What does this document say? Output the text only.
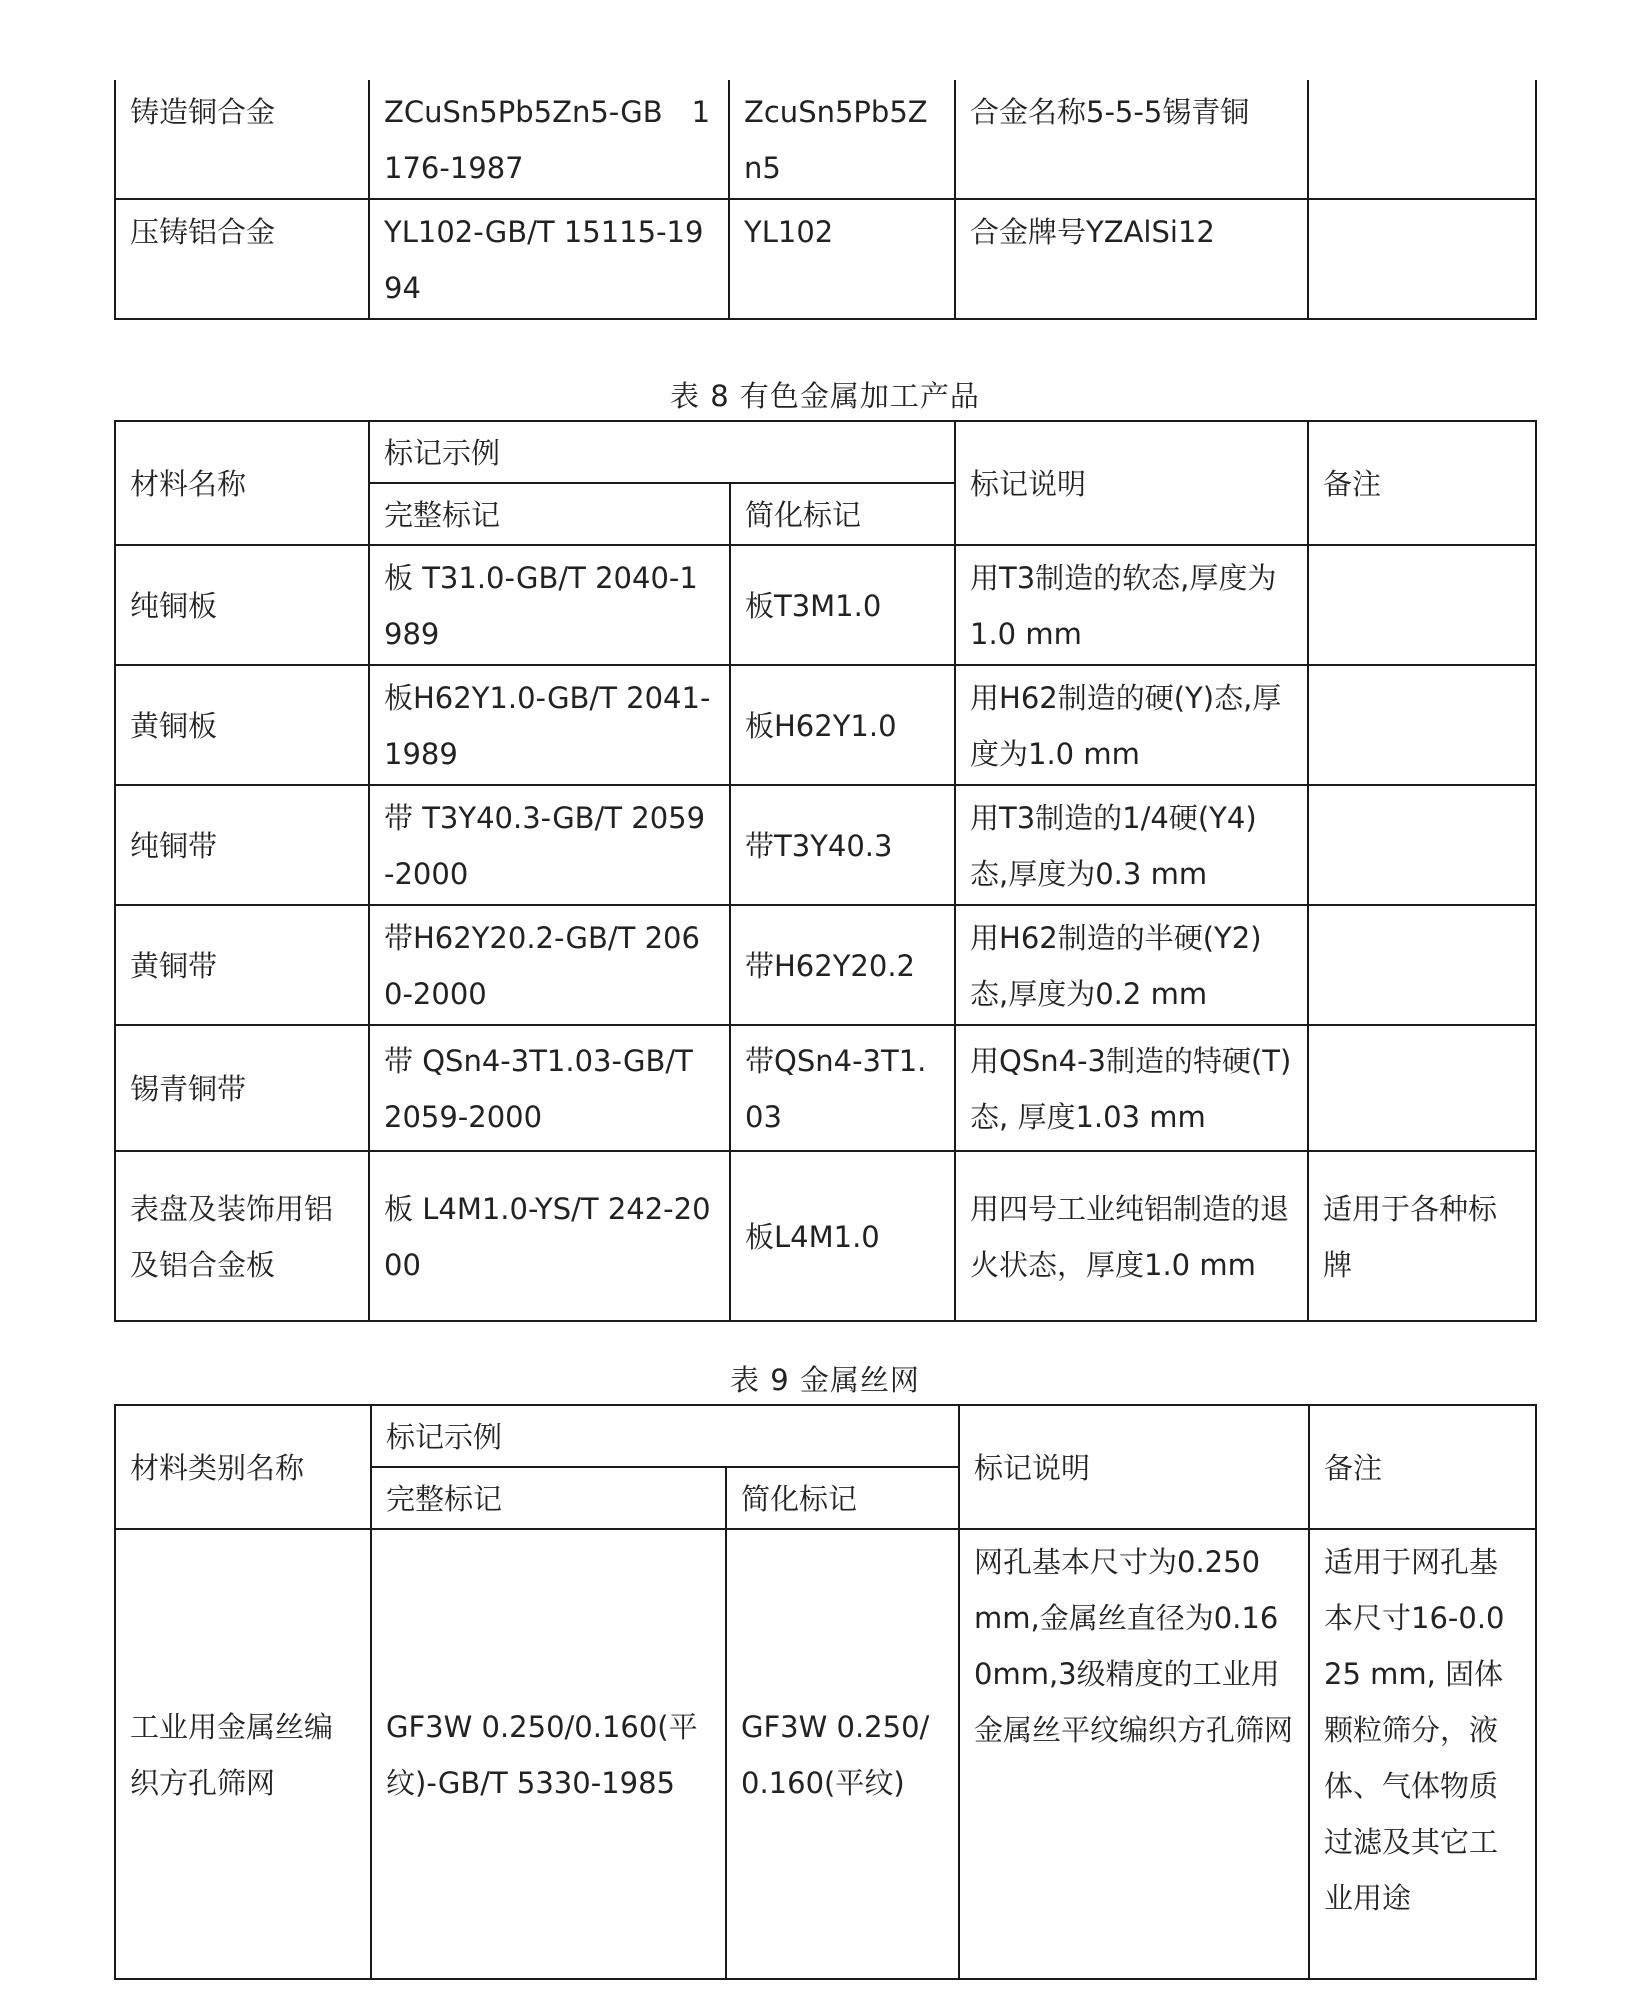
铸造铜合金	ZCuSn5Pb5Zn5-GB　1176-1987	ZcuSn5Pb5Zn5	合金名称5-5-5锡青铜	
压铸铝合金	YL102-GB/T 15115-1994	YL102	合金牌号YZAlSi12	
表 8 有色金属加工产品
材料名称	标记示例		标记说明	备注
	完整标记	简化标记		
纯铜板	板 T31.0-GB/T 2040-1989	板T3M1.0	用T3制造的软态,厚度为1.0 mm	
黄铜板	板H62Y1.0-GB/T 2041-1989	板H62Y1.0	用H62制造的硬(Y)态,厚度为1.0 mm	
纯铜带	带 T3Y40.3-GB/T 2059-2000	带T3Y40.3	用T3制造的1/4硬(Y4)态,厚度为0.3 mm	
黄铜带	带H62Y20.2-GB/T 2060-2000	带H62Y20.2	用H62制造的半硬(Y2)态,厚度为0.2 mm	
锡青铜带	带 QSn4-3T1.03-GB/T 2059-2000	带QSn4-3T1.03	用QSn4-3制造的特硬(T)态, 厚度1.03 mm	
表盘及装饰用铝及铝合金板	板 L4M1.0-YS/T 242-2000	板L4M1.0	用四号工业纯铝制造的退火状态，厚度1.0 mm	适用于各种标牌
表 9 金属丝网
材料类别名称	标记示例		标记说明	备注
	完整标记	简化标记		
工业用金属丝编织方孔筛网	GF3W 0.250/0.160(平纹)-GB/T 5330-1985	GF3W 0.250/0.160(平纹)	网孔基本尺寸为0.250 mm,金属丝直径为0.160mm,3级精度的工业用金属丝平纹编织方孔筛网	适用于网孔基本尺寸16-0.025 mm, 固体颗粒筛分，液体、气体物质过滤及其它工业用途
